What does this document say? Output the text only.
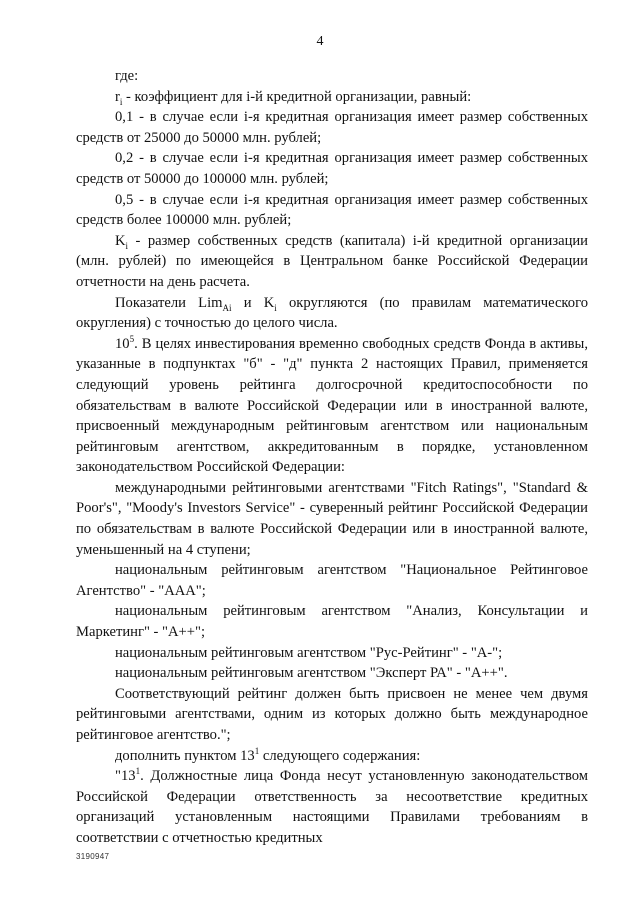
4

где:

$r_i$ - коэффициент для i-й кредитной организации, равный:

0,1 - в случае если i-я кредитная организация имеет размер собственных средств от 25000 до 50000 млн. рублей;

0,2 - в случае если i-я кредитная организация имеет размер собственных средств от 50000 до 100000 млн. рублей;

0,5 - в случае если i-я кредитная организация имеет размер собственных средств более 100000 млн. рублей;

$K_i$ - размер собственных средств (капитала) i-й кредитной организации (млн. рублей) по имеющейся в Центральном банке Российской Федерации отчетности на день расчета.

Показатели Lim$_{Ai}$ и $K_i$ округляются (по правилам математического округления) с точностью до целого числа.

$10^5$. В целях инвестирования временно свободных средств Фонда в активы, указанные в подпунктах "б" - "д" пункта 2 настоящих Правил, применяется следующий уровень рейтинга долгосрочной кредитоспособности по обязательствам в валюте Российской Федерации или в иностранной валюте, присвоенный международным рейтинговым агентством или национальным рейтинговым агентством, аккредитованным в порядке, установленном законодательством Российской Федерации:

международными рейтинговыми агентствами "Fitch Ratings", "Standard & Poor's", "Moody's Investors Service" - суверенный рейтинг Российской Федерации по обязательствам в валюте Российской Федерации или в иностранной валюте, уменьшенный на 4 ступени;

национальным рейтинговым агентством "Национальное Рейтинговое Агентство" - "ААА";

национальным рейтинговым агентством "Анализ, Консультации и Маркетинг" - "А++";

национальным рейтинговым агентством "Рус-Рейтинг" - "А-";

национальным рейтинговым агентством "Эксперт РА" - "А++".

Соответствующий рейтинг должен быть присвоен не менее чем двумя рейтинговыми агентствами, одним из которых должно быть международное рейтинговое агентство.";

дополнить пунктом $13^1$ следующего содержания:

"$13^1$. Должностные лица Фонда несут установленную законодательством Российской Федерации ответственность за несоответствие кредитных организаций установленным настоящими Правилами требованиям в соответствии с отчетностью кредитных

3190947
